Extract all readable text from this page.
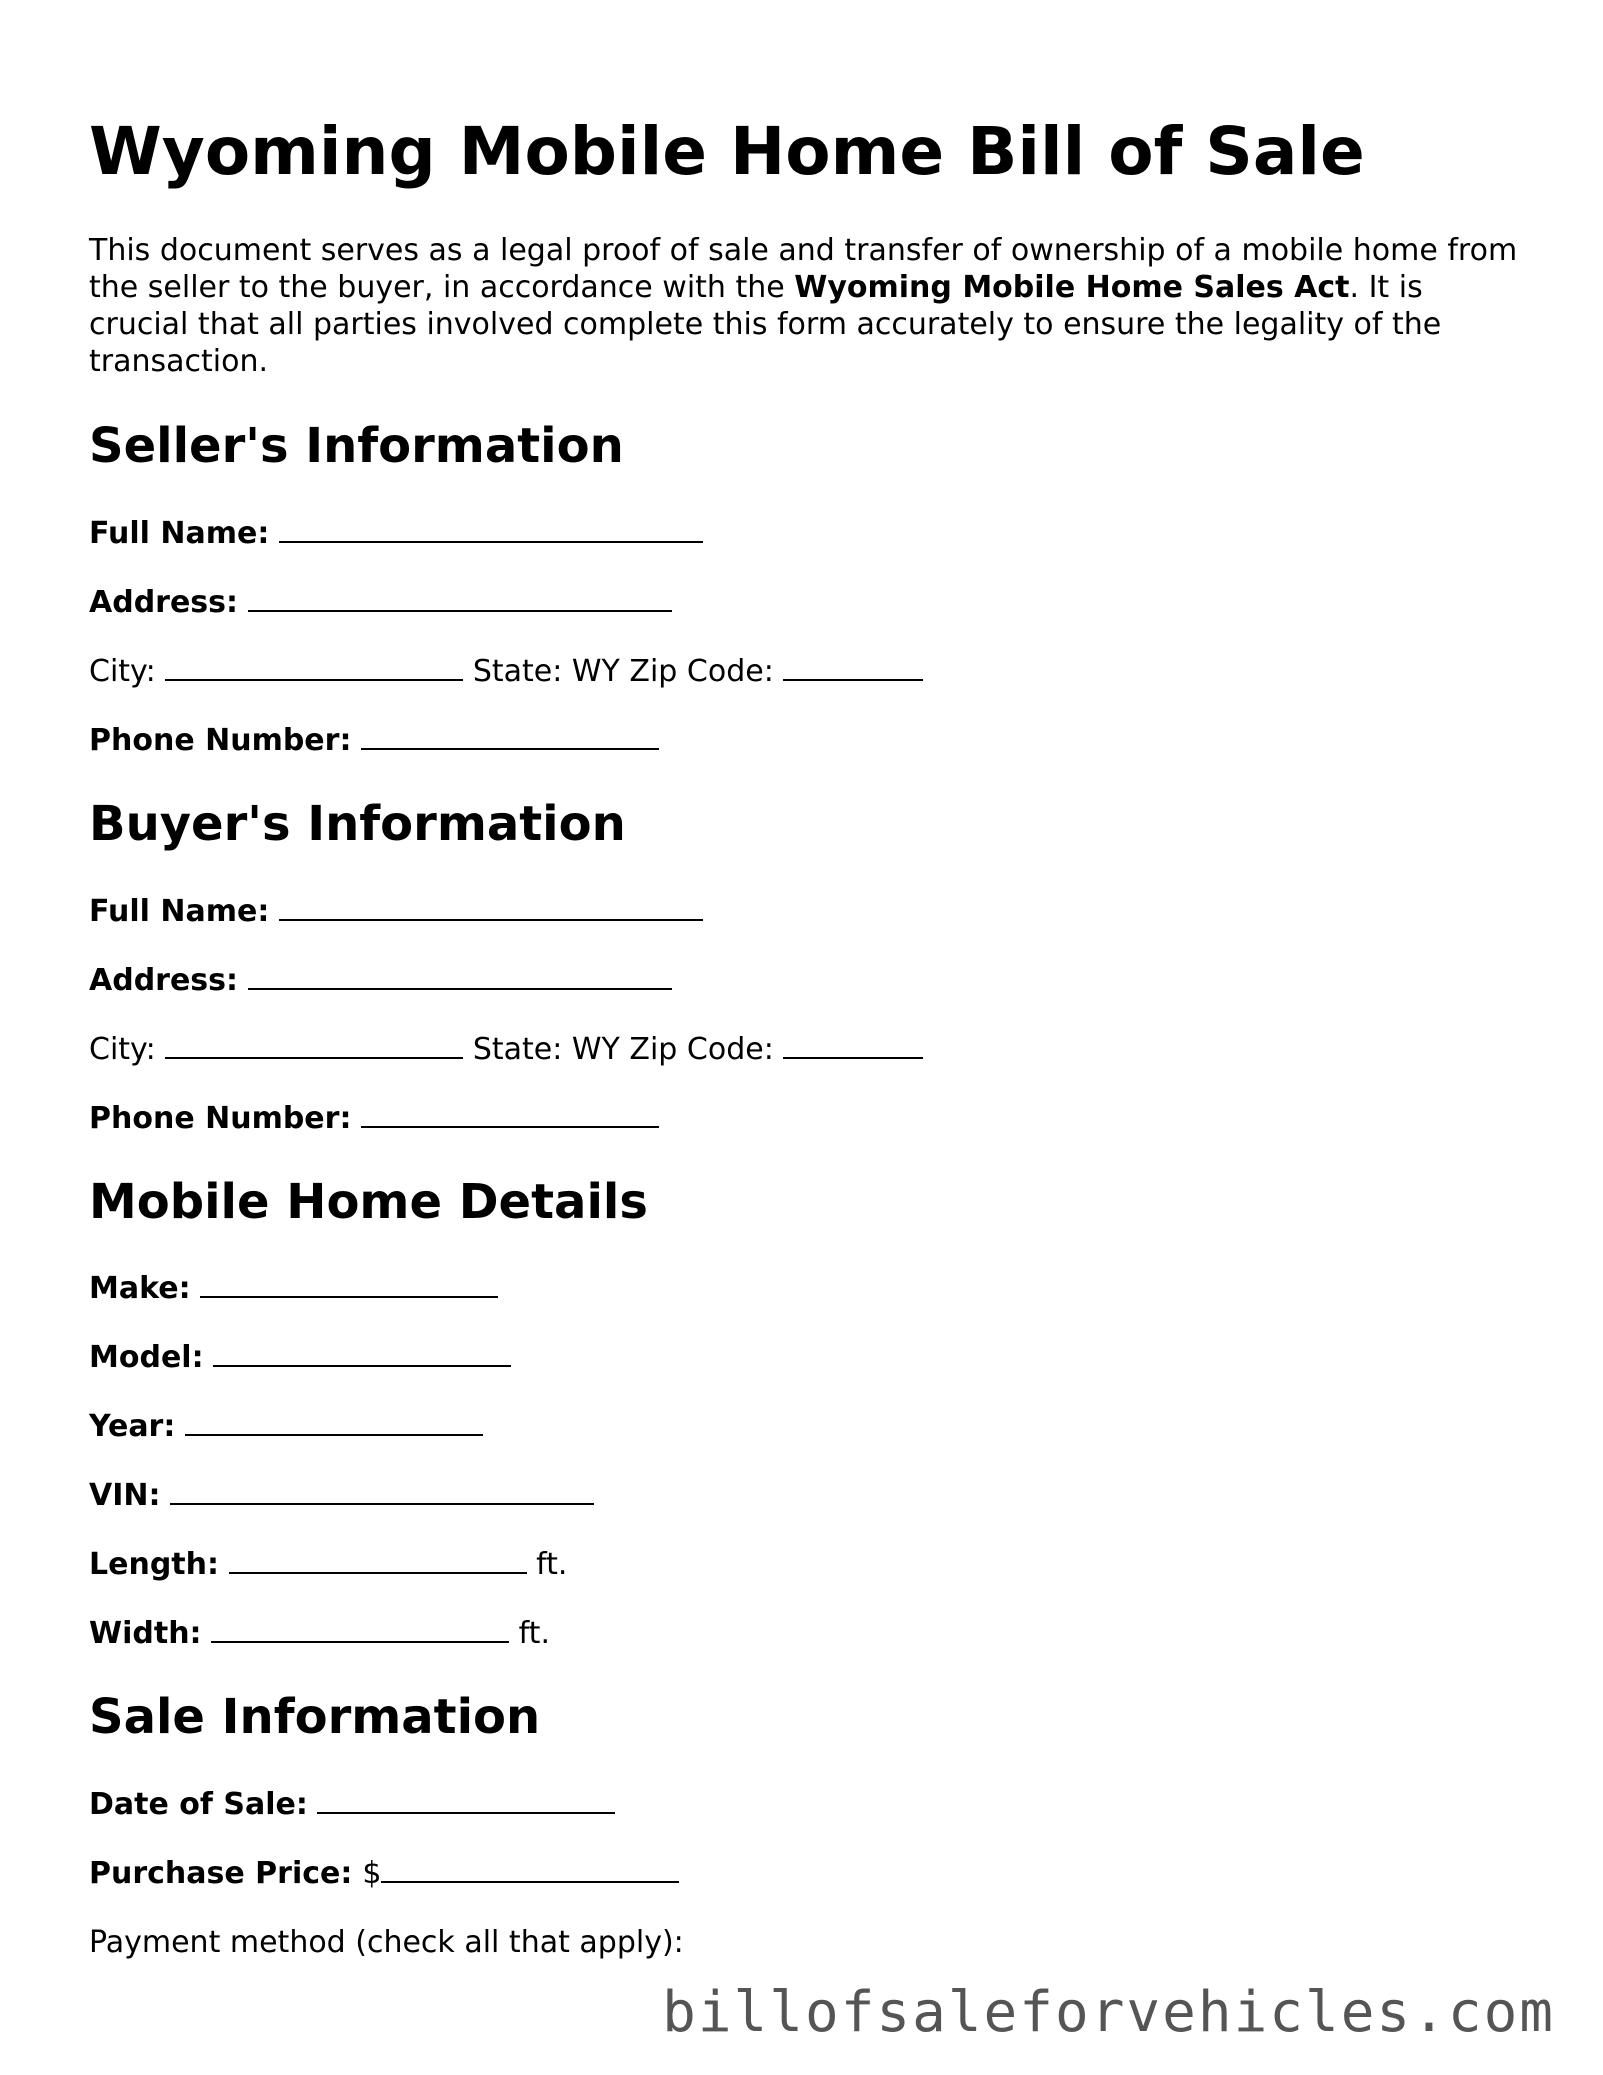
Wyoming Mobile Home Bill of Sale

This document serves as a legal proof of sale and transfer of ownership of a mobile home from the seller to the buyer, in accordance with the Wyoming Mobile Home Sales Act. It is crucial that all parties involved complete this form accurately to ensure the legality of the transaction.

Seller's Information
Full Name:
Address:
City:	State: WY Zip Code:
Phone Number:
Buyer's Information
Full Name:
Address:
City:	State: WY Zip Code:
Phone Number:
Mobile Home Details
Make:
Model:
Year:
VIN:
Length:	ft.
Width:	ft.
Sale Information
Date of Sale:
Purchase Price: $
Payment method (check all that apply):
billofsaleforvehicles.com
